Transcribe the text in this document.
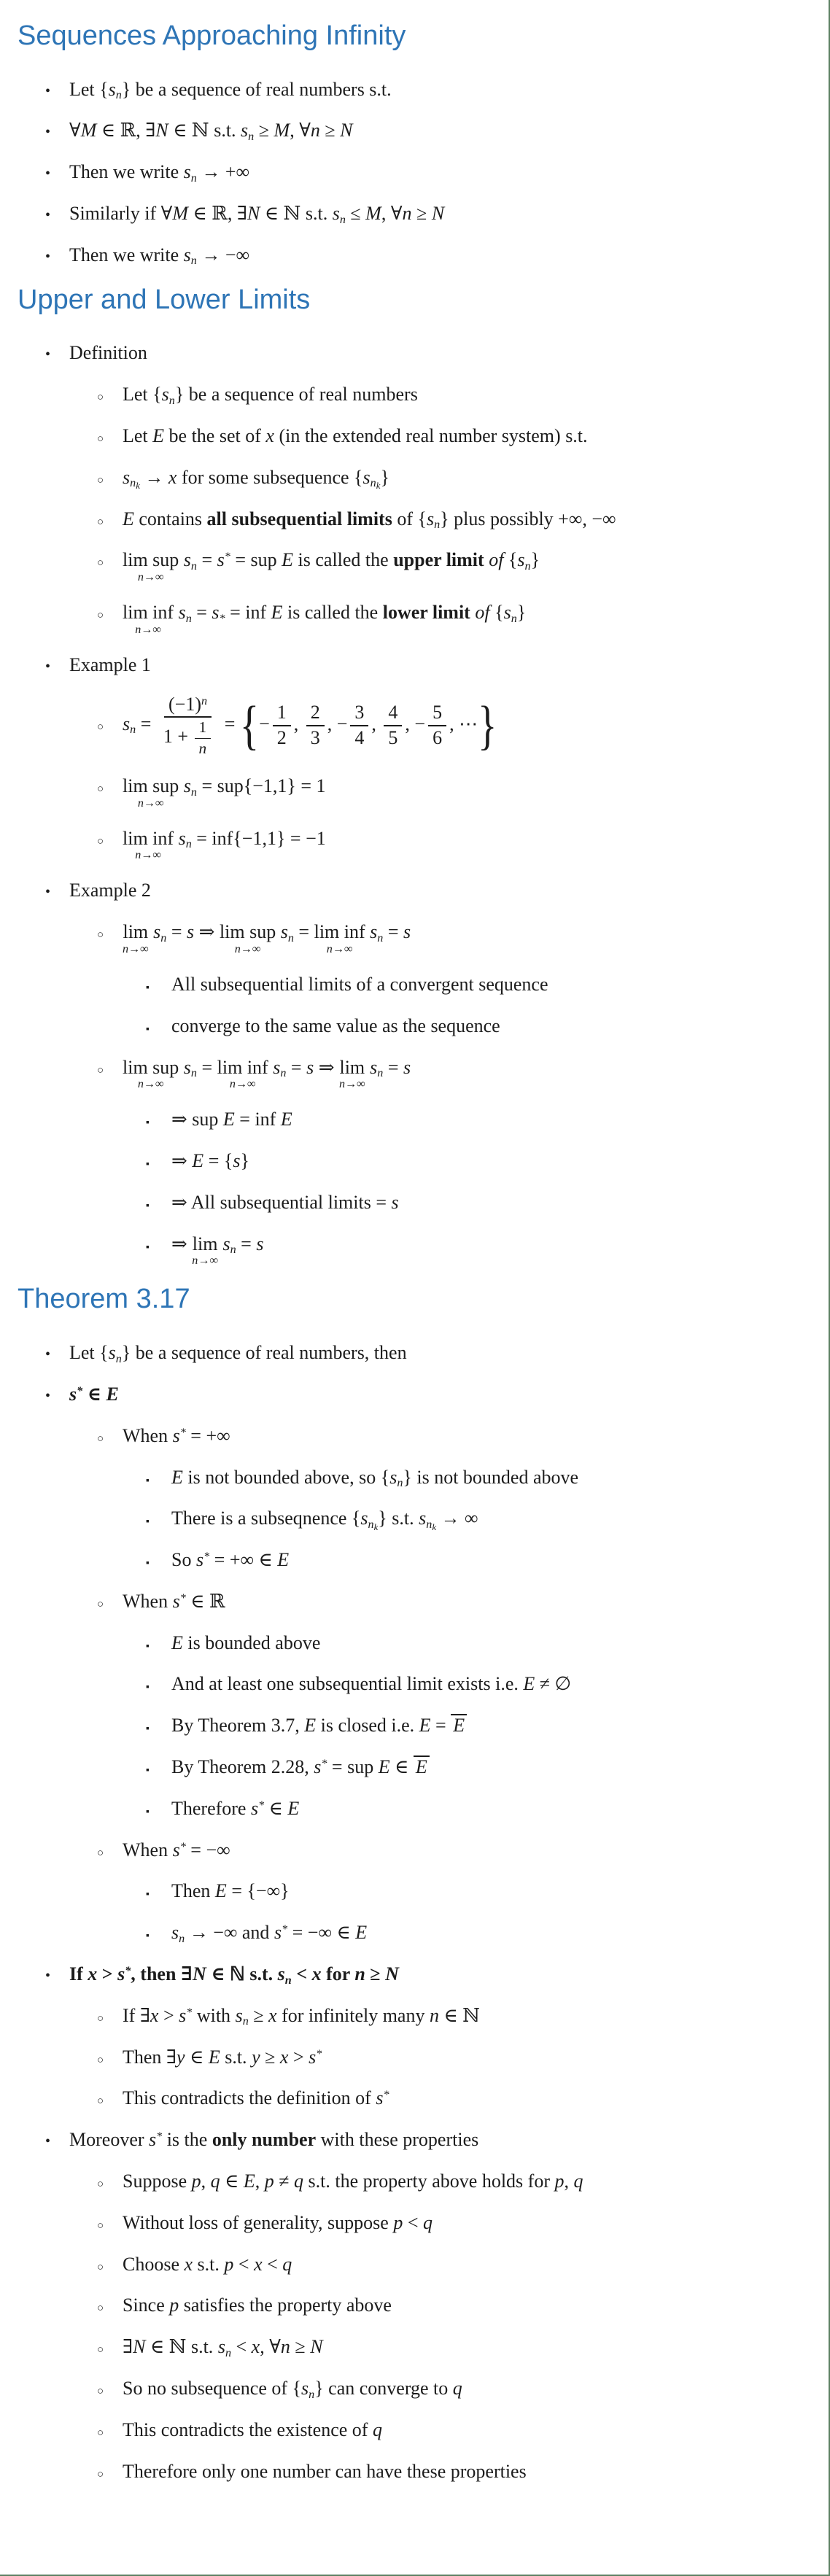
Sequences Approaching Infinity
• Let $\{s_n\}$ be a sequence of real numbers s.t.
• ∀M ∈ ℝ, ∃N ∈ ℕ s.t. $s_n \ge M$, ∀n ≥ N
• Then we write $s_n$ → +∞
• Similarly if ∀M ∈ ℝ, ∃N ∈ ℕ s.t. $s_n \le M$, ∀n ≥ N
• Then we write $s_n$ → −∞
Upper and Lower Limits
• Definition
○ Let $\{s_n\}$ be a sequence of real numbers
○ Let E be the set of x (in the extended real number system) s.t.
○ $s_{n_k} \to x$ for some subsequence $\{s_{n_k}\}$
○ E contains all subsequential limits of $\{s_n\}$ plus possibly +∞, −∞
○ lim sup
n→∞
$s_n = s^*$ = sup E is called the upper limit of $\{s_n\}$
○ lim inf
n→∞
$s_n = s_*$ = inf E is called the lower limit of $\{s_n\}$
• Example 1
○ $s_n = \frac{(-1)^n}{1 + \frac{1}{n}}$ = {− $\frac{1}{2}$ , $\frac{2}{3}$ , − $\frac{3}{4}$ , $\frac{4}{5}$ , − $\frac{5}{6}$ , ⋯}
○ lim sup
n→∞
$s_n = sup\{-1,1\} = 1$
○ lim inf
n→∞
$s_n = inf\{-1,1\} = -1$
• Example 2
○	lim
n→∞
$s_n = s$ ⇒ lim sup
n→∞
$s_n = \lim$ inf
n→∞
$s_n = s$
▪	All subsequential limits of a convergent sequence
▪	converge to the same value as the sequence
○ lim sup
n→∞
$s_n = \lim$ inf
n→∞
$s_n = s$ ⇒ lim
n→∞
$s_n = s$
▪	⇒ sup E = inf E
▪	⇒ E = {s}
▪	⇒ All subsequential limits = s
▪	⇒ lim
n→∞
$s_n = s$
Theorem 3.17
• Let $\{s_n\}$ be a sequence of real numbers, then
• s* ∈ E
○ When s* = +∞
▪	E is not bounded above, so $\{s_n\}$ is not bounded above
▪	There is a subseqnence $\{s_{n_k}\}$ s.t. $s_{n_k}$ → ∞
▪	So s* = +∞ ∈ E
○ When s* ∈ ℝ
▪	E is bounded above
▪	And at least one subsequential limit exists i.e. E ≠ ∅
▪	By Theorem 3.7, E is closed i.e. E = E
▪	By Theorem 2.28, s* = sup E ∈ E
▪	Therefore s* ∈ E
○ When s* = −∞
▪	Then E = {−∞}
▪	$s_n$ → −∞ and s* = −∞ ∈ E
• If x > s*, then ∃N ∈ ℕ s.t. $s_n < x$ for n ≥ N
○ If ∃x > s* with $s_n \ge x$ for infinitely many n ∈ ℕ
○ Then ∃y ∈ E s.t. y ≥ x > s*
○ This contradicts the definition of s*
• Moreover s* is the only number with these properties
○ Suppose p, q ∈ E, p ≠ q s.t. the property above holds for p, q
○ Without loss of generality, suppose p < q
○ Choose x s.t. p < x < q
○ Since p satisfies the property above
○ ∃N ∈ ℕ s.t. $s_n < x$, ∀n ≥ N
○ So no subsequence of $\{s_n\}$ can converge to q
○ This contradicts the existence of q
○ Therefore only one number can have these properties
